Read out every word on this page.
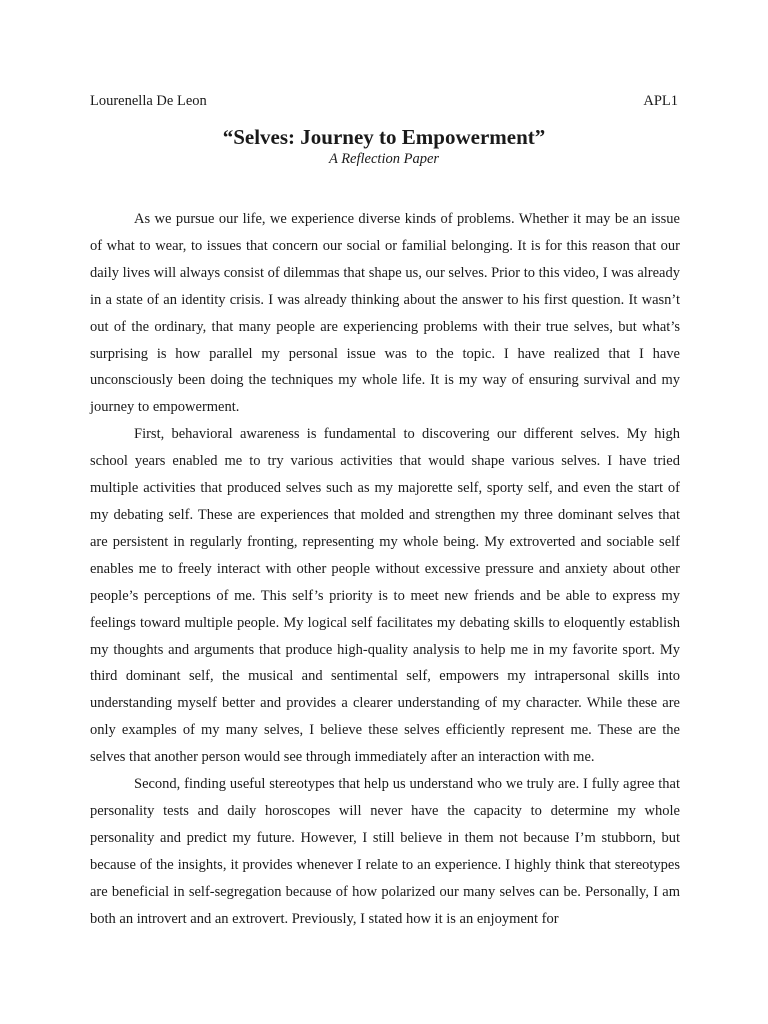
Lourenella De Leon	APL1
“Selves: Journey to Empowerment”
A Reflection Paper

As we pursue our life, we experience diverse kinds of problems. Whether it may be an issue of what to wear, to issues that concern our social or familial belonging. It is for this reason that our daily lives will always consist of dilemmas that shape us, our selves. Prior to this video, I was already in a state of an identity crisis. I was already thinking about the answer to his first question. It wasn’t out of the ordinary, that many people are experiencing problems with their true selves, but what’s surprising is how parallel my personal issue was to the topic. I have realized that I have unconsciously been doing the techniques my whole life. It is my way of ensuring survival and my journey to empowerment.

First, behavioral awareness is fundamental to discovering our different selves. My high school years enabled me to try various activities that would shape various selves. I have tried multiple activities that produced selves such as my majorette self, sporty self, and even the start of my debating self. These are experiences that molded and strengthen my three dominant selves that are persistent in regularly fronting, representing my whole being. My extroverted and sociable self enables me to freely interact with other people without excessive pressure and anxiety about other people’s perceptions of me. This self’s priority is to meet new friends and be able to express my feelings toward multiple people. My logical self facilitates my debating skills to eloquently establish my thoughts and arguments that produce high-quality analysis to help me in my favorite sport. My third dominant self, the musical and sentimental self, empowers my intrapersonal skills into understanding myself better and provides a clearer understanding of my character. While these are only examples of my many selves, I believe these selves efficiently represent me. These are the selves that another person would see through immediately after an interaction with me.

Second, finding useful stereotypes that help us understand who we truly are. I fully agree that personality tests and daily horoscopes will never have the capacity to determine my whole personality and predict my future. However, I still believe in them not because I’m stubborn, but because of the insights, it provides whenever I relate to an experience. I highly think that stereotypes are beneficial in self-segregation because of how polarized our many selves can be. Personally, I am both an introvert and an extrovert. Previously, I stated how it is an enjoyment for
